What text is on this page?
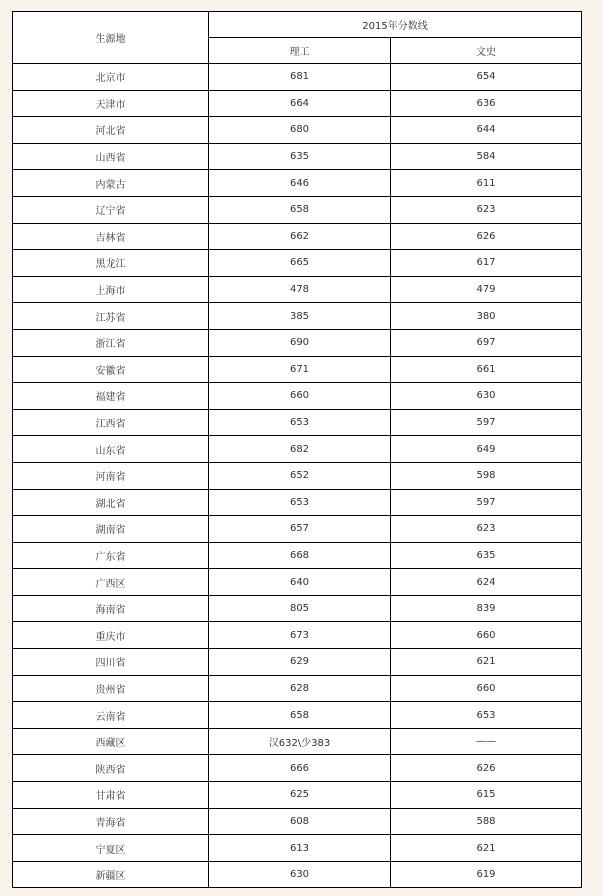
生源地	2015年分数线	
	理工	文史
北京市	681	654
天津市	664	636
河北省	680	644
山西省	635	584
内蒙古	646	611
辽宁省	658	623
吉林省	662	626
黑龙江	665	617
上海市	478	479
江苏省	385	380
浙江省	690	697
安徽省	671	661
福建省	660	630
江西省	653	597
山东省	682	649
河南省	652	598
湖北省	653	597
湖南省	657	623
广东省	668	635
广西区	640	624
海南省	805	839
重庆市	673	660
四川省	629	621
贵州省	628	660
云南省	658	653
西藏区	汉632\少383	——
陕西省	666	626
甘肃省	625	615
青海省	608	588
宁夏区	613	621
新疆区	630	619
